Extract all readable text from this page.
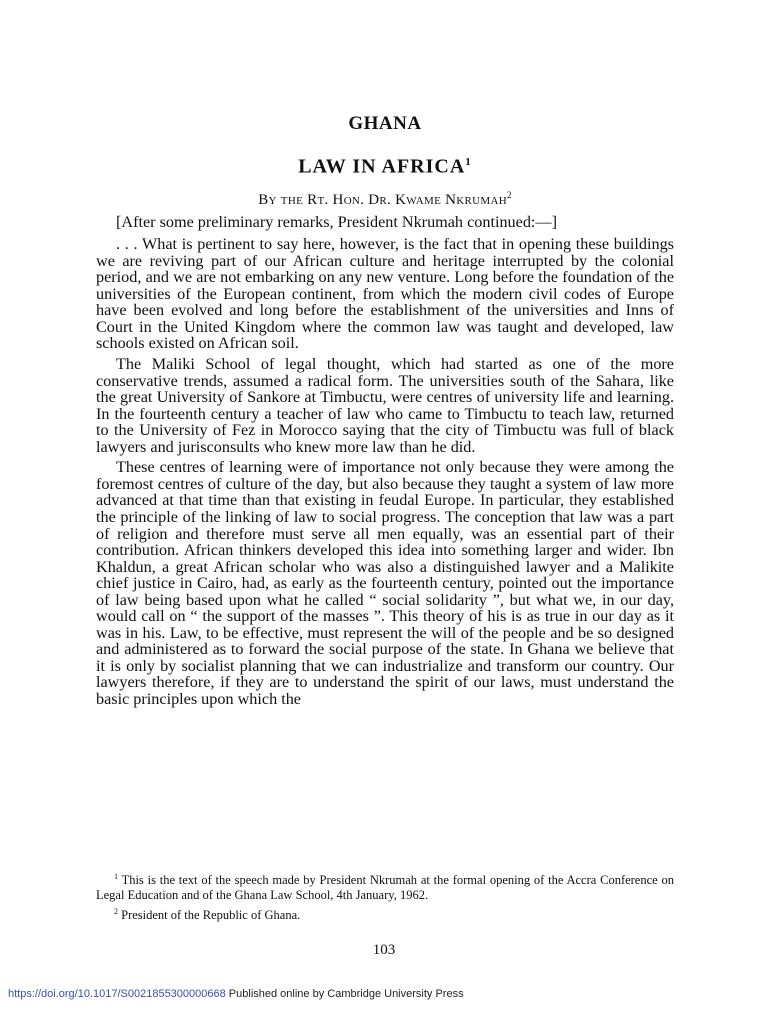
GHANA
LAW IN AFRICA$^1$
By the Rt. Hon. Dr. Kwame Nkrumah$^2$

[After some preliminary remarks, President Nkrumah continued:—]

. . . What is pertinent to say here, however, is the fact that in opening these buildings we are reviving part of our African culture and heritage interrupted by the colonial period, and we are not embarking on any new venture. Long before the foundation of the universities of the European continent, from which the modern civil codes of Europe have been evolved and long before the establishment of the universities and Inns of Court in the United Kingdom where the common law was taught and developed, law schools existed on African soil.

The Maliki School of legal thought, which had started as one of the more conservative trends, assumed a radical form. The universities south of the Sahara, like the great University of Sankore at Timbuctu, were centres of university life and learning. In the fourteenth century a teacher of law who came to Timbuctu to teach law, returned to the University of Fez in Morocco saying that the city of Timbuctu was full of black lawyers and jurisconsults who knew more law than he did.

These centres of learning were of importance not only because they were among the foremost centres of culture of the day, but also because they taught a system of law more advanced at that time than that existing in feudal Europe. In particular, they established the principle of the linking of law to social progress. The conception that law was a part of religion and therefore must serve all men equally, was an essential part of their contribution. African thinkers developed this idea into something larger and wider. Ibn Khaldun, a great African scholar who was also a distinguished lawyer and a Malikite chief justice in Cairo, had, as early as the fourteenth century, pointed out the importance of law being based upon what he called “ social solidarity ”, but what we, in our day, would call on “ the support of the masses ”. This theory of his is as true in our day as it was in his. Law, to be effective, must represent the will of the people and be so designed and administered as to forward the social purpose of the state. In Ghana we believe that it is only by socialist planning that we can industrialize and transform our country. Our lawyers therefore, if they are to understand the spirit of our laws, must understand the basic principles upon which the

$^1$ This is the text of the speech made by President Nkrumah at the formal opening of the Accra Conference on Legal Education and of the Ghana Law School, 4th January, 1962.

$^2$ President of the Republic of Ghana.

103
https://doi.org/10.1017/S0021855300000668 Published online by Cambridge University Press
